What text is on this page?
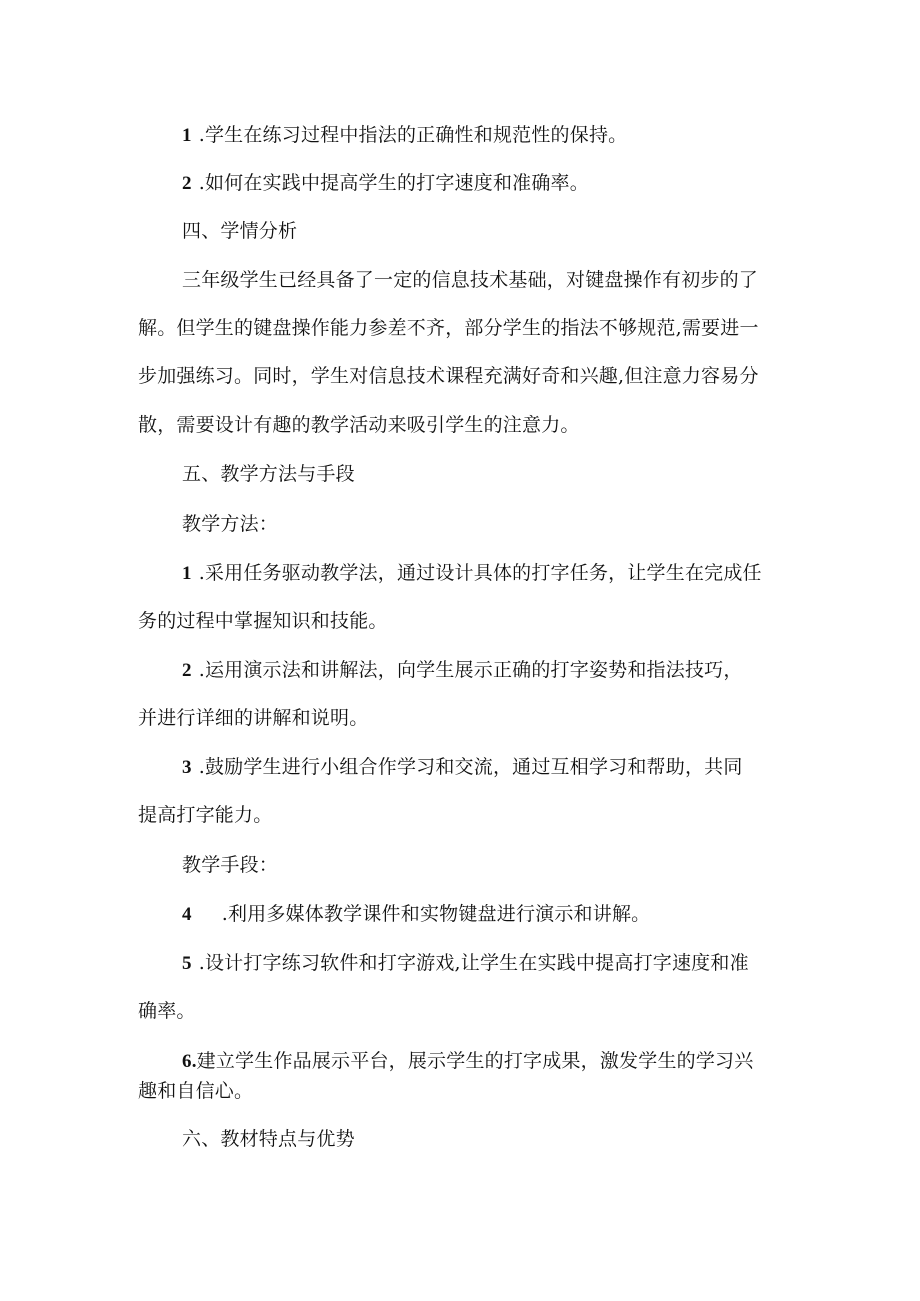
1 .学生在练习过程中指法的正确性和规范性的保持。

2 .如何在实践中提高学生的打字速度和准确率。

四、学情分析

三年级学生已经具备了一定的信息技术基础，对键盘操作有初步的了

解。但学生的键盘操作能力参差不齐，部分学生的指法不够规范,需要进一

步加强练习。同时，学生对信息技术课程充满好奇和兴趣,但注意力容易分

散，需要设计有趣的教学活动来吸引学生的注意力。

五、教学方法与手段

教学方法：

1 .采用任务驱动教学法，通过设计具体的打字任务，让学生在完成任

务的过程中掌握知识和技能。

2 .运用演示法和讲解法，向学生展示正确的打字姿势和指法技巧，

并进行详细的讲解和说明。

3 .鼓励学生进行小组合作学习和交流，通过互相学习和帮助，共同

提高打字能力。

教学手段：

4 .利用多媒体教学课件和实物键盘进行演示和讲解。

5 .设计打字练习软件和打字游戏,让学生在实践中提高打字速度和准

确率。

6.建立学生作品展示平台，展示学生的打字成果，激发学生的学习兴

趣和自信心。

六、教材特点与优势
